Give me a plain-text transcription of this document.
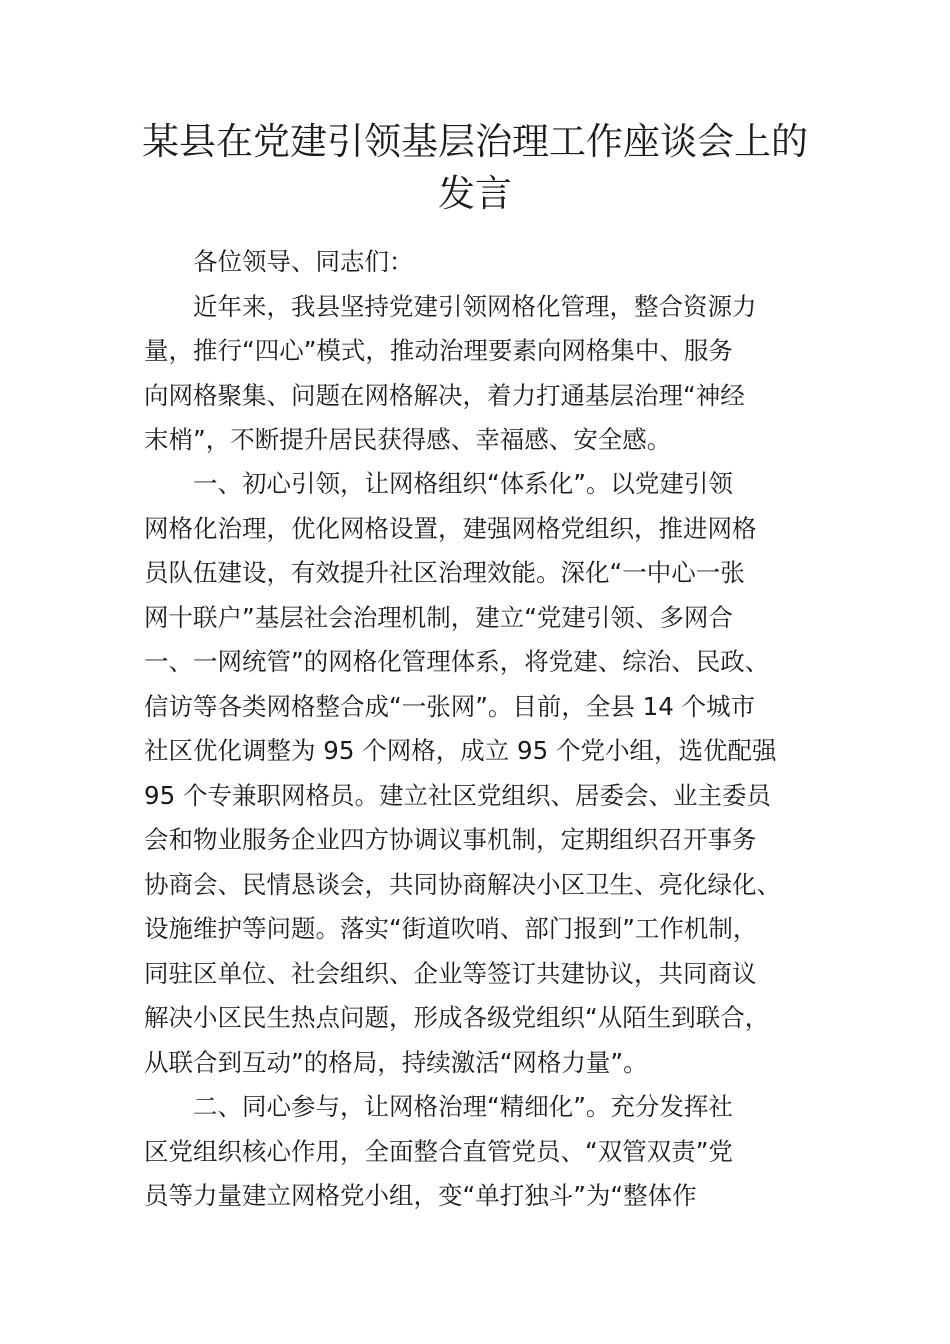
某县在党建引领基层治理工作座谈会上的
发言
各位领导、同志们：
近年来，我县坚持党建引领网格化管理，整合资源力
量，推行“四心”模式，推动治理要素向网格集中、服务
向网格聚集、问题在网格解决，着力打通基层治理“神经
末梢”，不断提升居民获得感、幸福感、安全感。
一、初心引领，让网格组织“体系化”。以党建引领
网格化治理，优化网格设置，建强网格党组织，推进网格
员队伍建设，有效提升社区治理效能。深化“一中心一张
网十联户”基层社会治理机制，建立“党建引领、多网合
一、一网统管”的网格化管理体系，将党建、综治、民政、
信访等各类网格整合成“一张网”。目前，全县 14 个城市
社区优化调整为 95 个网格，成立 95 个党小组，选优配强
95 个专兼职网格员。建立社区党组织、居委会、业主委员
会和物业服务企业四方协调议事机制，定期组织召开事务
协商会、民情恳谈会，共同协商解决小区卫生、亮化绿化、
设施维护等问题。落实“街道吹哨、部门报到”工作机制，
同驻区单位、社会组织、企业等签订共建协议，共同商议
解决小区民生热点问题，形成各级党组织“从陌生到联合，
从联合到互动”的格局，持续激活“网格力量”。
二、同心参与，让网格治理“精细化”。充分发挥社
区党组织核心作用，全面整合直管党员、“双管双责”党
员等力量建立网格党小组，变“单打独斗”为“整体作
